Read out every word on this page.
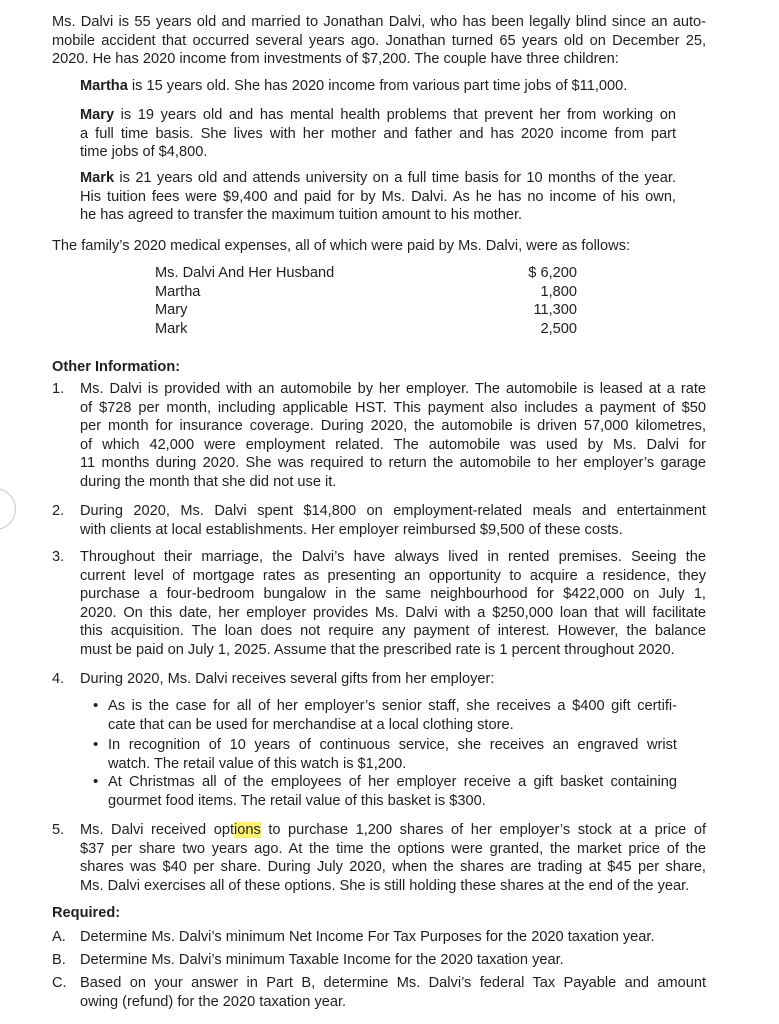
Ms. Dalvi is 55 years old and married to Jonathan Dalvi, who has been legally blind since an auto-
mobile accident that occurred several years ago. Jonathan turned 65 years old on December 25,
2020. He has 2020 income from investments of $7,200. The couple have three children:
Martha is 15 years old. She has 2020 income from various part time jobs of $11,000.
Mary is 19 years old and has mental health problems that prevent her from working on
a full time basis. She lives with her mother and father and has 2020 income from part
time jobs of $4,800.
Mark is 21 years old and attends university on a full time basis for 10 months of the year.
His tuition fees were $9,400 and paid for by Ms. Dalvi. As he has no income of his own,
he has agreed to transfer the maximum tuition amount to his mother.
The family’s 2020 medical expenses, all of which were paid by Ms. Dalvi, were as follows:
Ms. Dalvi And Her Husband	$ 6,200
Martha	1,800
Mary	11,300
Mark	2,500

Other Information:

1.	Ms. Dalvi is provided with an automobile by her employer. The automobile is leased at a rate
of $728 per month, including applicable HST. This payment also includes a payment of $50
per month for insurance coverage. During 2020, the automobile is driven 57,000 kilometres,
of which 42,000 were employment related. The automobile was used by Ms. Dalvi for
11 months during 2020. She was required to return the automobile to her employer’s garage
during the month that she did not use it.
2.	During 2020, Ms. Dalvi spent $14,800 on employment-related meals and entertainment
with clients at local establishments. Her employer reimbursed $9,500 of these costs.
3.	Throughout their marriage, the Dalvi’s have always lived in rented premises. Seeing the
current level of mortgage rates as presenting an opportunity to acquire a residence, they
purchase a four-bedroom bungalow in the same neighbourhood for $422,000 on July 1,
2020. On this date, her employer provides Ms. Dalvi with a $250,000 loan that will facilitate
this acquisition. The loan does not require any payment of interest. However, the balance
must be paid on July 1, 2025. Assume that the prescribed rate is 1 percent throughout 2020.
4.	During 2020, Ms. Dalvi receives several gifts from her employer:
• As is the case for all of her employer’s senior staff, she receives a $400 gift certifi-
cate that can be used for merchandise at a local clothing store.
• In recognition of 10 years of continuous service, she receives an engraved wrist
watch. The retail value of this watch is $1,200.
• At Christmas all of the employees of her employer receive a gift basket containing
gourmet food items. The retail value of this basket is $300.
5.	Ms. Dalvi received options to purchase 1,200 shares of her employer’s stock at a price of
$37 per share two years ago. At the time the options were granted, the market price of the
shares was $40 per share. During July 2020, when the shares are trading at $45 per share,
Ms. Dalvi exercises all of these options. She is still holding these shares at the end of the year.

Required:

A. Determine Ms. Dalvi’s minimum Net Income For Tax Purposes for the 2020 taxation year.
B. Determine Ms. Dalvi’s minimum Taxable Income for the 2020 taxation year.
C. Based on your answer in Part B, determine Ms. Dalvi’s federal Tax Payable and amount
owing (refund) for the 2020 taxation year.
